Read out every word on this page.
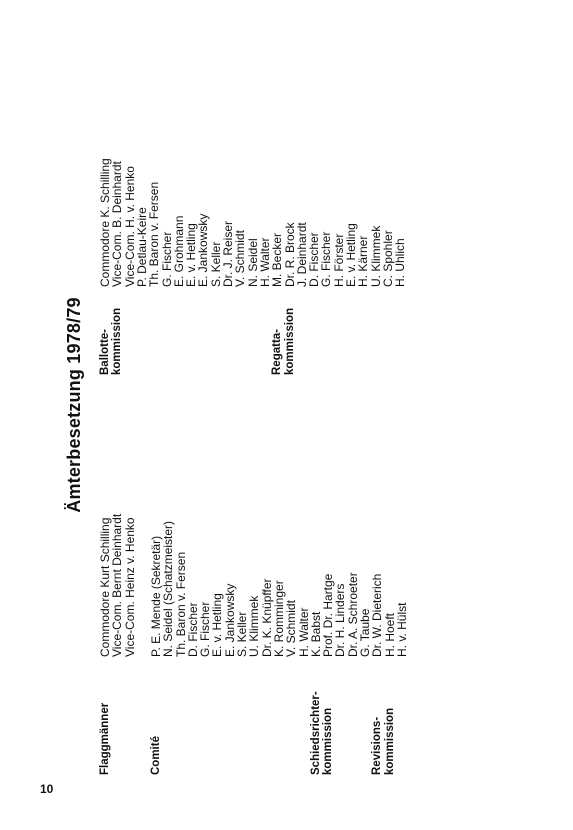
10
Ämterbesetzung 1978/79
Flaggmänner
Commodore Kurt Schilling
Vice-Com. Bernt Deinhardt
Vice-Com. Heinz v. Henko
Comité
P. E. Mende (Sekretär)
N. Seidel (Schatzmeister)
Th. Baron v. Fersen
D. Fischer
G. Fischer
E. v. Hetling
E. Jankowsky
S. Keller
U. Klimmek
Dr. K. Knüpffer
K. Romminger
V. Schmidt
H. Walter
Schiedsrichter- kommission
K. Babst
Prof. Dr. Hartge
Dr. H. Linders
Dr. A. Schroeter
G. Taube
Revisions- kommission
Dr. W. Dieterich
H. Hoeft
H. v. Hülst
Ballotte- kommission
Commodore K. Schilling
Vice-Com. B. Deinhardt
Vice-Com. H. v. Henko
P. Detlau-Keire
Th. Baron v. Fersen
G. Fischer
E. Grohmann
E. v. Hetling
E. Jankowsky
S. Keller
Dr. J. Reiser
V. Schmidt
N. Seidel
H. Walter
Regatta- kommission
M. Becker
Dr. R. Brock
J. Deinhardt
D. Fischer
G. Fischer
H. Förster
E. v. Hetling
H. Kärner
U. Klimmek
C. Spohler
H. Uhlich
